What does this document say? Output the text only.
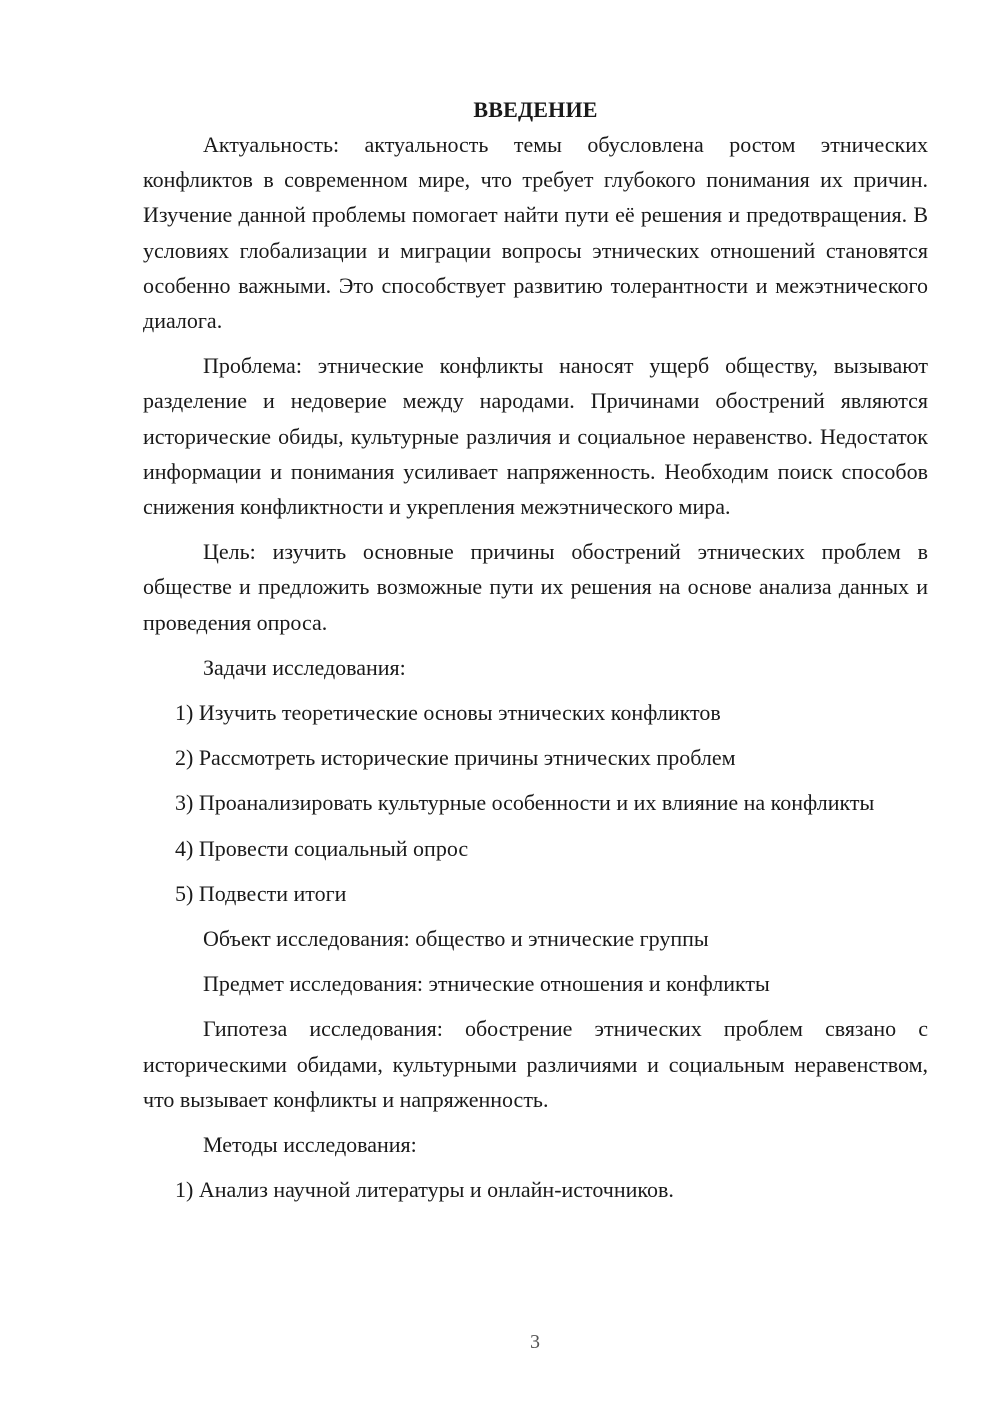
ВВЕДЕНИЕ

Актуальность: актуальность темы обусловлена ростом этнических конфликтов в современном мире, что требует глубокого понимания их причин. Изучение данной проблемы помогает найти пути её решения и предотвращения. В условиях глобализации и миграции вопросы этнических отношений становятся особенно важными. Это способствует развитию толерантности и межэтнического диалога.

Проблема: этнические конфликты наносят ущерб обществу, вызывают разделение и недоверие между народами. Причинами обострений являются исторические обиды, культурные различия и социальное неравенство. Недостаток информации и понимания усиливает напряженность. Необходим поиск способов снижения конфликтности и укрепления межэтнического мира.

Цель: изучить основные причины обострений этнических проблем в обществе и предложить возможные пути их решения на основе анализа данных и проведения опроса.

Задачи исследования:

1) Изучить теоретические основы этнических конфликтов

2) Рассмотреть исторические причины этнических проблем

3) Проанализировать культурные особенности и их влияние на конфликты

4) Провести социальный опрос

5) Подвести итоги

Объект исследования: общество и этнические группы

Предмет исследования: этнические отношения и конфликты

Гипотеза исследования: обострение этнических проблем связано с историческими обидами, культурными различиями и социальным неравенством, что вызывает конфликты и напряженность.

Методы исследования:

1) Анализ научной литературы и онлайн-источников.

3
